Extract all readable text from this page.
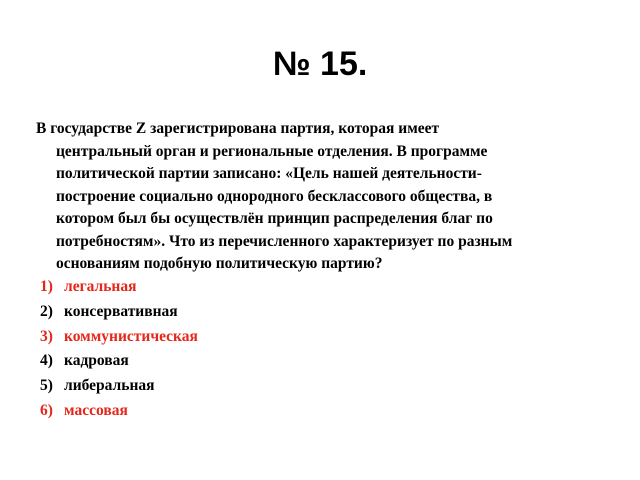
№ 15.
В государстве Z зарегистрирована партия, которая имеет
центральный орган и региональные отделения. В программе
политической партии записано: «Цель нашей деятельности-
построение социально однородного бесклассового общества, в
котором был бы осуществлён принцип распределения благ по
потребностям». Что из перечисленного характеризует по разным
основаниям подобную политическую партию?
1) легальная
2) консервативная
3) коммунистическая
4) кадровая
5) либеральная
6) массовая
